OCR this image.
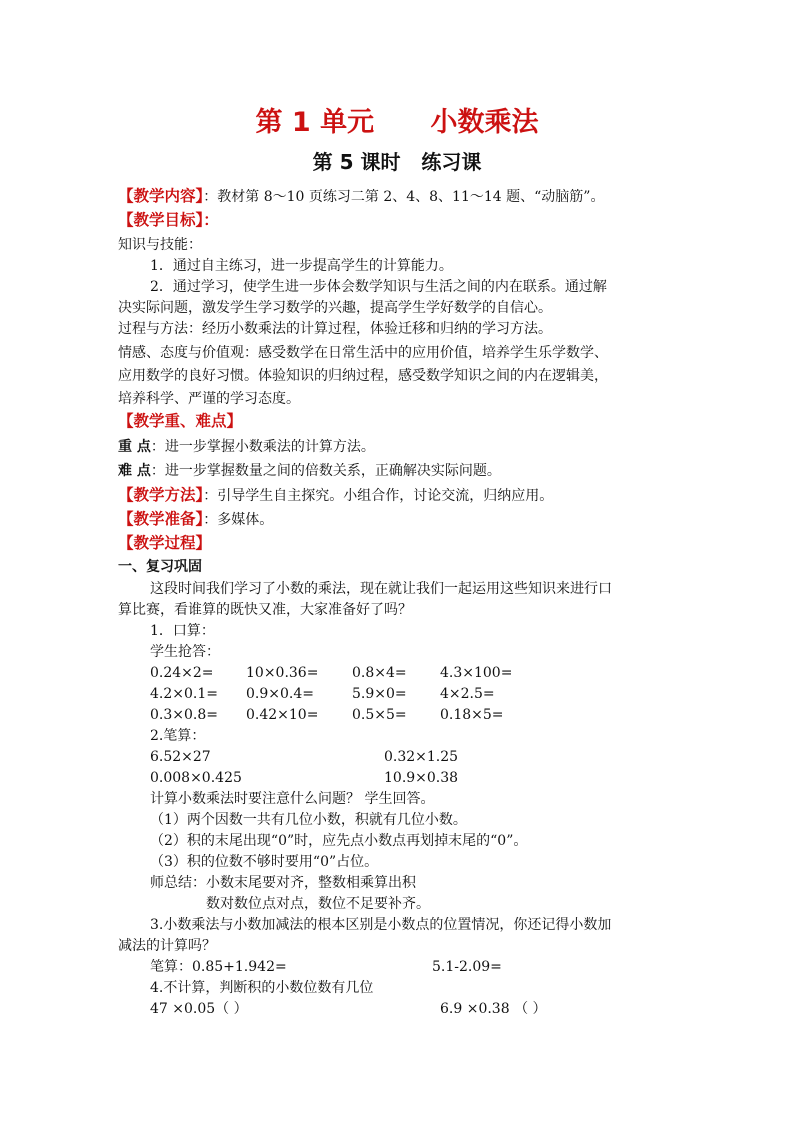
第 1 单元      小数乘法
第 5 课时   练习课
【教学内容】：教材第 8～10 页练习二第 2、4、8、11～14 题、“动脑筋”。
【教学目标】：
知识与技能：
1．通过自主练习，进一步提高学生的计算能力。
2．通过学习，使学生进一步体会数学知识与生活之间的内在联系。通过解
决实际问题，激发学生学习数学的兴趣，提高学生学好数学的自信心。
过程与方法：经历小数乘法的计算过程，体验迁移和归纳的学习方法。
情感、态度与价值观：感受数学在日常生活中的应用价值，培养学生乐学数学、
应用数学的良好习惯。体验知识的归纳过程，感受数学知识之间的内在逻辑美，
培养科学、严谨的学习态度。
【教学重、难点】
重 点：进一步掌握小数乘法的计算方法。
难 点：进一步掌握数量之间的倍数关系，正确解决实际问题。
【教学方法】：引导学生自主探究。小组合作，讨论交流，归纳应用。
【教学准备】：多媒体。
【教学过程】
一、复习巩固
这段时间我们学习了小数的乘法，现在就让我们一起运用这些知识来进行口
算比赛，看谁算的既快又准，大家准备好了吗？
1．口算：
学生抢答：
0.24×2= 10×0.36= 0.8×4= 4.3×100=
4.2×0.1= 0.9×0.4=	5.9×0= 4×2.5=
0.3×0.8= 0.42×10= 0.5×5= 0.18×5=
2.笔算：
6.52×27	0.32×1.25
0.008×0.425	10.9×0.38
计算小数乘法时要注意什么问题？ 学生回答。
（1）两个因数一共有几位小数，积就有几位小数。
（2）积的末尾出现“0”时，应先点小数点再划掉末尾的“0”。
（3）积的位数不够时要用“0”占位。
师总结：小数末尾要对齐，整数相乘算出积
数对数位点对点，数位不足要补齐。
3.小数乘法与小数加减法的根本区别是小数点的位置情况，你还记得小数加
减法的计算吗？
笔算：0.85+1.942=	5.1-2.09=
4.不计算，判断积的小数位数有几位
47 ×0.05（ ）	6.9 ×0.38 （ ）
